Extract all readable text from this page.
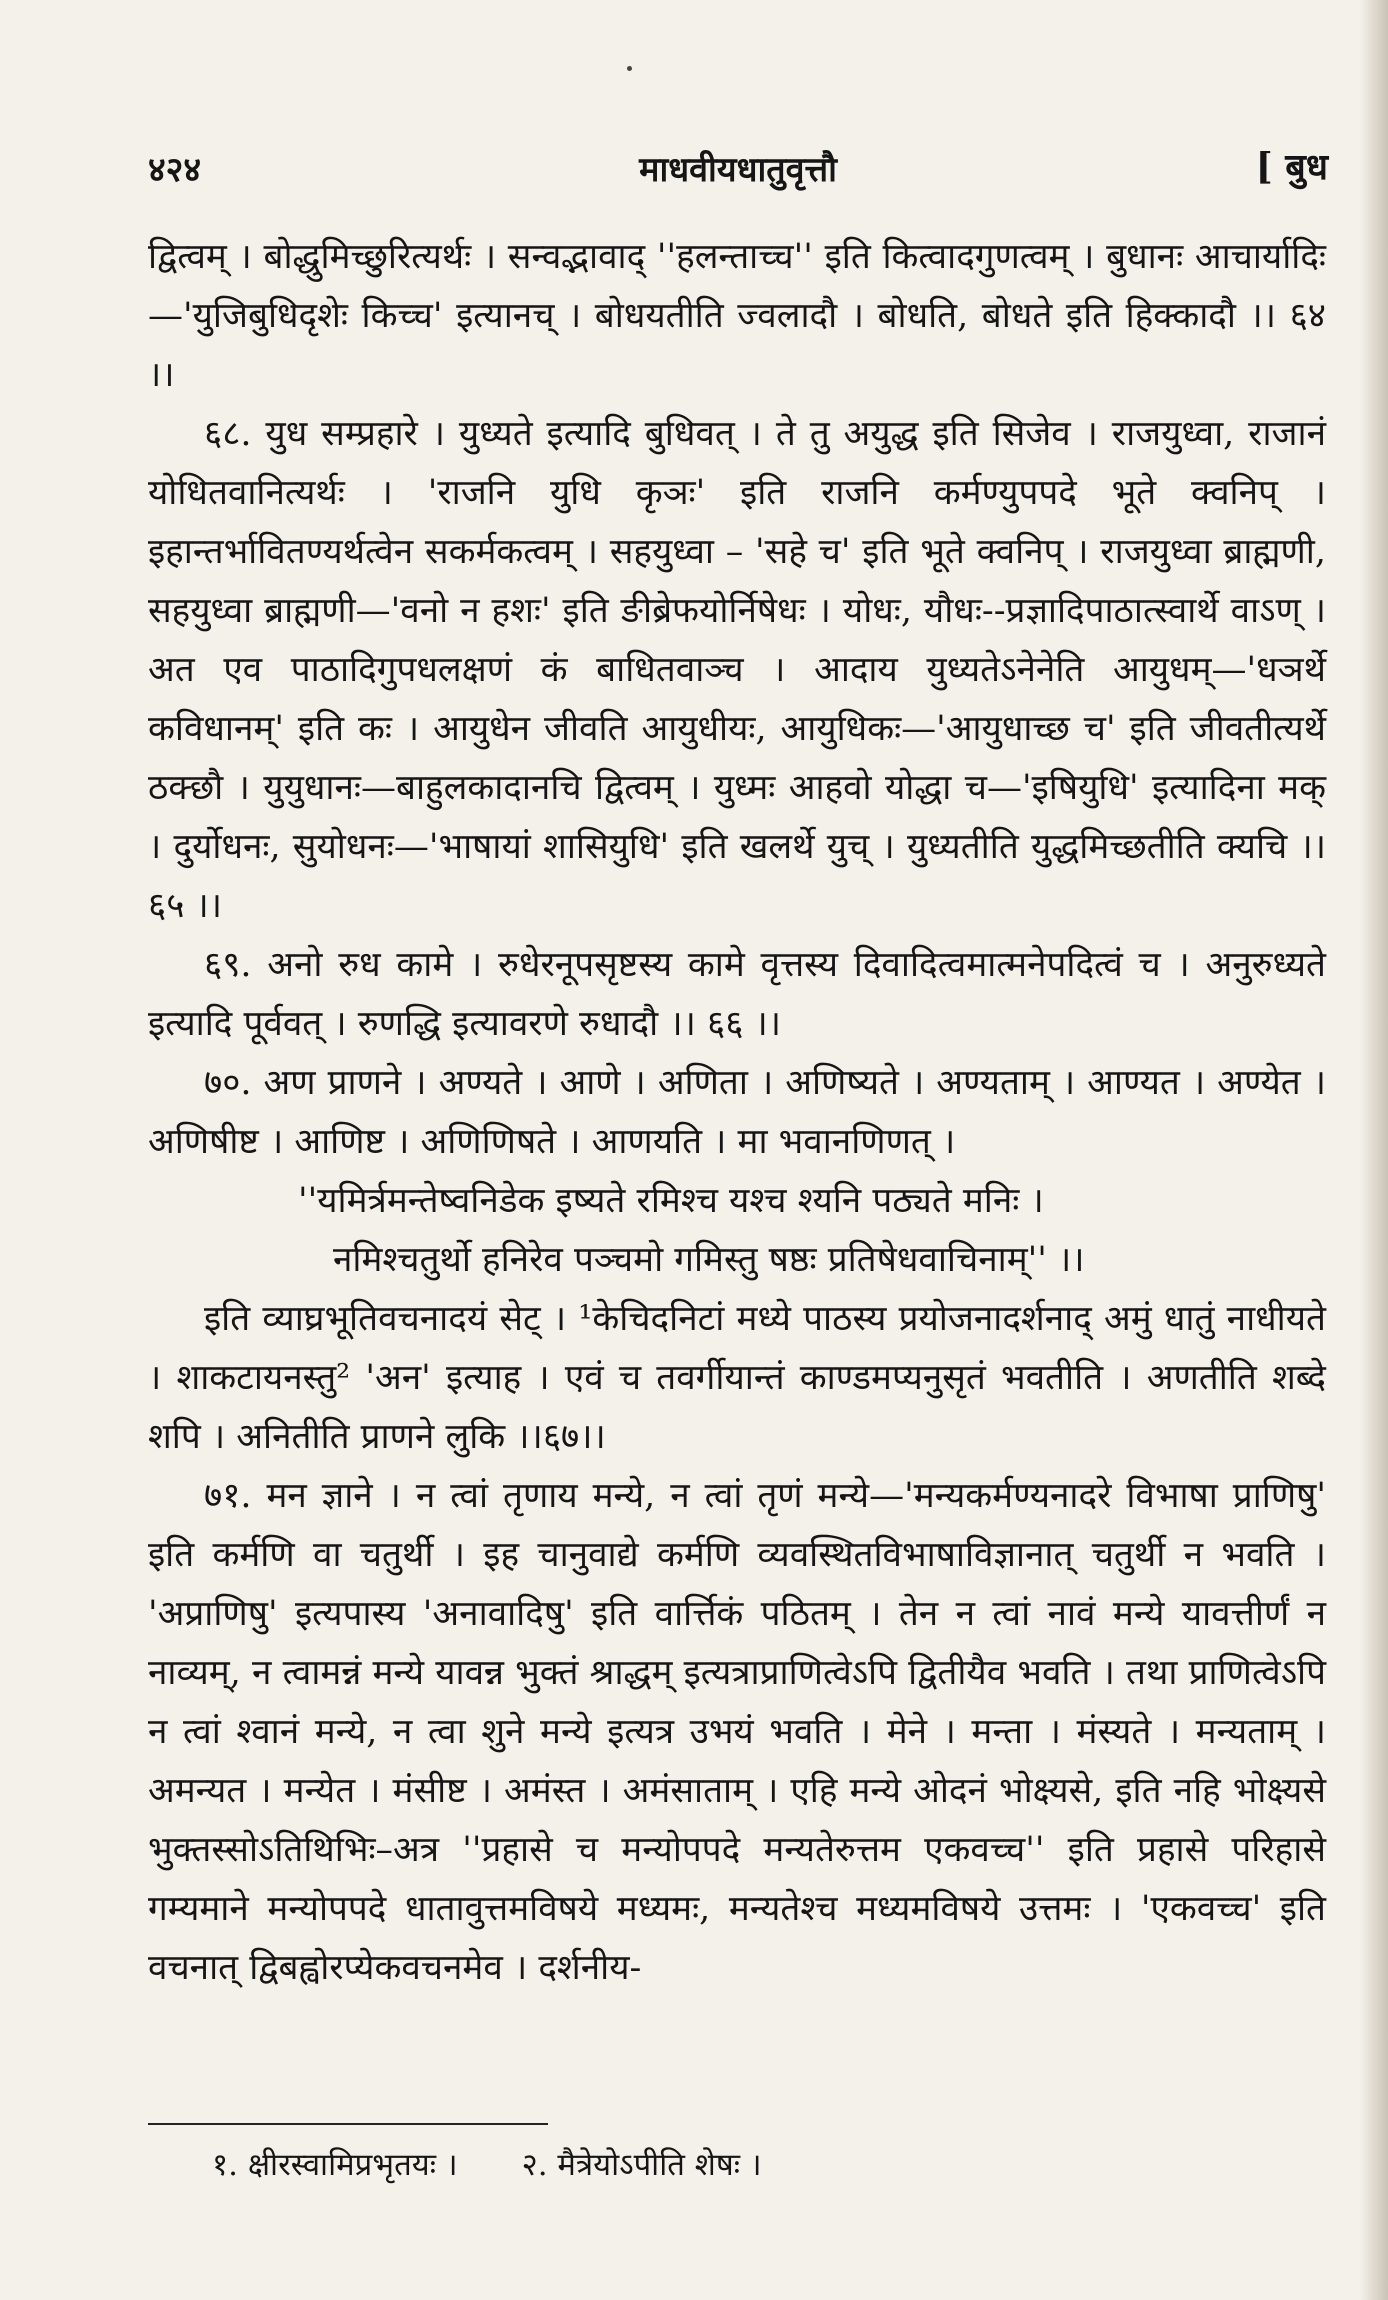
४२४	माधवीयधातुवृत्तौ	[ बुध

द्वित्वम् । बोद्धुमिच्छुरित्यर्थः । सन्वद्भावाद् ''हलन्ताच्च'' इति कित्वादगुणत्वम् । बुधानः आचार्यादिः—'युजिबुधिदृशेः किच्च' इत्यानच् । बोधयतीति ज्वलादौ । बोधति, बोधते इति हिक्कादौ ।। ६४ ।।

६८. युध सम्प्रहारे । युध्यते इत्यादि बुधिवत् । ते तु अयुद्ध इति सिजेव । राजयुध्वा, राजानं योधितवानित्यर्थः । 'राजनि युधि कृञः' इति राजनि कर्मण्युपपदे भूते क्वनिप् । इहान्तर्भावितण्यर्थत्वेन सकर्मकत्वम् । सहयुध्वा – 'सहे च' इति भूते क्वनिप् । राजयुध्वा ब्राह्मणी, सहयुध्वा ब्राह्मणी—'वनो न हशः' इति ङीब्रेफयोर्निषेधः । योधः, यौधः--प्रज्ञादिपाठात्स्वार्थे वाऽण् । अत एव पाठादिगुपधलक्षणं कं बाधितवाञ्च । आदाय युध्यतेऽनेनेति आयुधम्—'धञर्थे कविधानम्' इति कः । आयुधेन जीवति आयुधीयः, आयुधिकः—'आयुधाच्छ च' इति जीवतीत्यर्थे ठक्छौ । युयुधानः—बाहुलकादानचि द्वित्वम् । युध्मः आहवो योद्धा च—'इषियुधि' इत्यादिना मक् । दुर्योधनः, सुयोधनः—'भाषायां शासियुधि' इति खलर्थे युच् । युध्यतीति युद्धमिच्छतीति क्यचि ।। ६५ ।।

६९. अनो रुध कामे । रुधेरनूपसृष्टस्य कामे वृत्तस्य दिवादित्वमात्मनेपदित्वं च । अनुरुध्यते इत्यादि पूर्ववत् । रुणद्धि इत्यावरणे रुधादौ ।। ६६ ।।

७०. अण प्राणने । अण्यते । आणे । अणिता । अणिष्यते । अण्यताम् । आण्यत । अण्येत । अणिषीष्ट । आणिष्ट । अणिणिषते । आणयति । मा भवानणिणत् ।

''यमिर्त्रमन्तेष्वनिडेक इष्यते रमिश्च यश्च श्यनि पठ्यते मनिः ।

नमिश्चतुर्थो हनिरेव पञ्चमो गमिस्तु षष्ठः प्रतिषेधवाचिनाम्'' ।।

इति व्याघ्रभूतिवचनादयं सेट् । ¹केचिदनिटां मध्ये पाठस्य प्रयोजनादर्शनाद् अमुं धातुं नाधीयते । शाकटायनस्तु² 'अन' इत्याह । एवं च तवर्गीयान्तं काण्डमप्यनुसृतं भवतीति । अणतीति शब्दे शपि । अनितीति प्राणने लुकि ।।६७।।

७१. मन ज्ञाने । न त्वां तृणाय मन्ये, न त्वां तृणं मन्ये—'मन्यकर्मण्यनादरे विभाषा प्राणिषु' इति कर्मणि वा चतुर्थी । इह चानुवाद्ये कर्मणि व्यवस्थितविभाषाविज्ञानात् चतुर्थी न भवति । 'अप्राणिषु' इत्यपास्य 'अनावादिषु' इति वार्त्तिकं पठितम् । तेन न त्वां नावं मन्ये यावत्तीर्णं न नाव्यम्, न त्वामन्नं मन्ये यावन्न भुक्तं श्राद्धम् इत्यत्राप्राणित्वेऽपि द्वितीयैव भवति । तथा प्राणित्वेऽपि न त्वां श्वानं मन्ये, न त्वा शुने मन्ये इत्यत्र उभयं भवति । मेने । मन्ता । मंस्यते । मन्यताम् । अमन्यत । मन्येत । मंसीष्ट । अमंस्त । अमंसाताम् । एहि मन्ये ओदनं भोक्ष्यसे, इति नहि भोक्ष्यसे भुक्तस्सोऽतिथिभिः–अत्र ''प्रहासे च मन्योपपदे मन्यतेरुत्तम एकवच्च'' इति प्रहासे परिहासे गम्यमाने मन्योपपदे धातावुत्तमविषये मध्यमः, मन्यतेश्च मध्यमविषये उत्तमः । 'एकवच्च' इति वचनात् द्विबह्वोरप्येकवचनमेव । दर्शनीय-

१. क्षीरस्वामिप्रभृतयः । २. मैत्रेयोऽपीति शेषः ।
